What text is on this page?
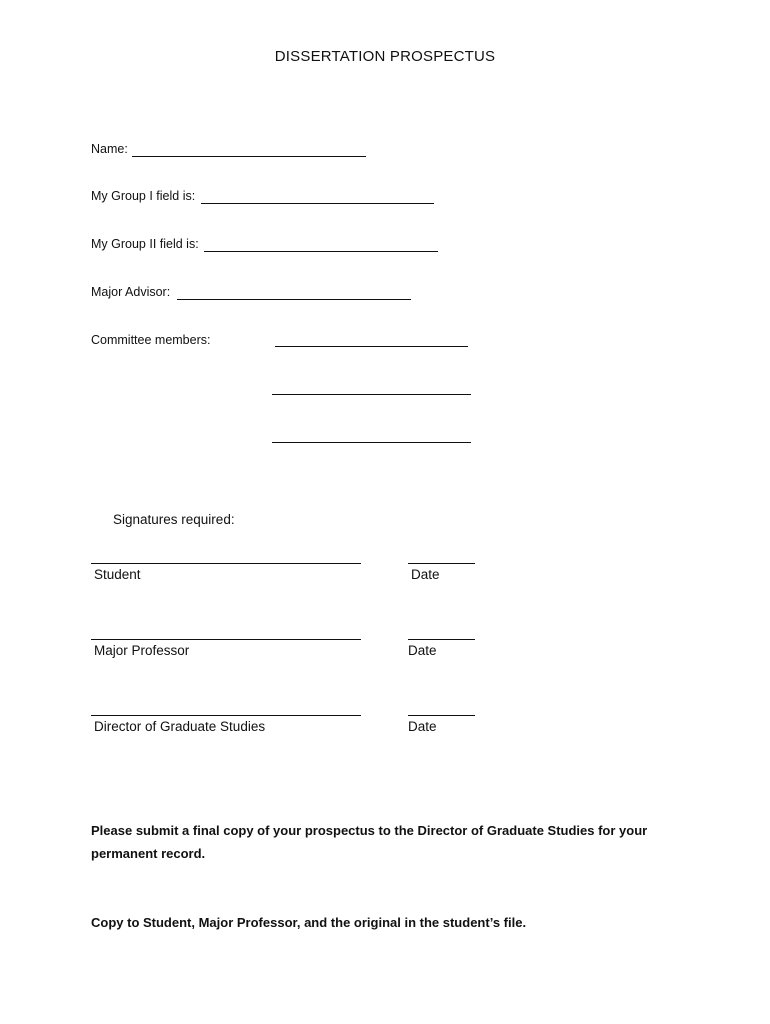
DISSERTATION PROSPECTUS
Name:
My Group I field is:
My Group II field is:
Major Advisor:
Committee members:
Signatures required:
Student	Date
Major Professor	Date
Director of Graduate Studies	Date
Please submit a final copy of your prospectus to the Director of Graduate Studies for your permanent record.
Copy to Student, Major Professor, and the original in the student’s file.
